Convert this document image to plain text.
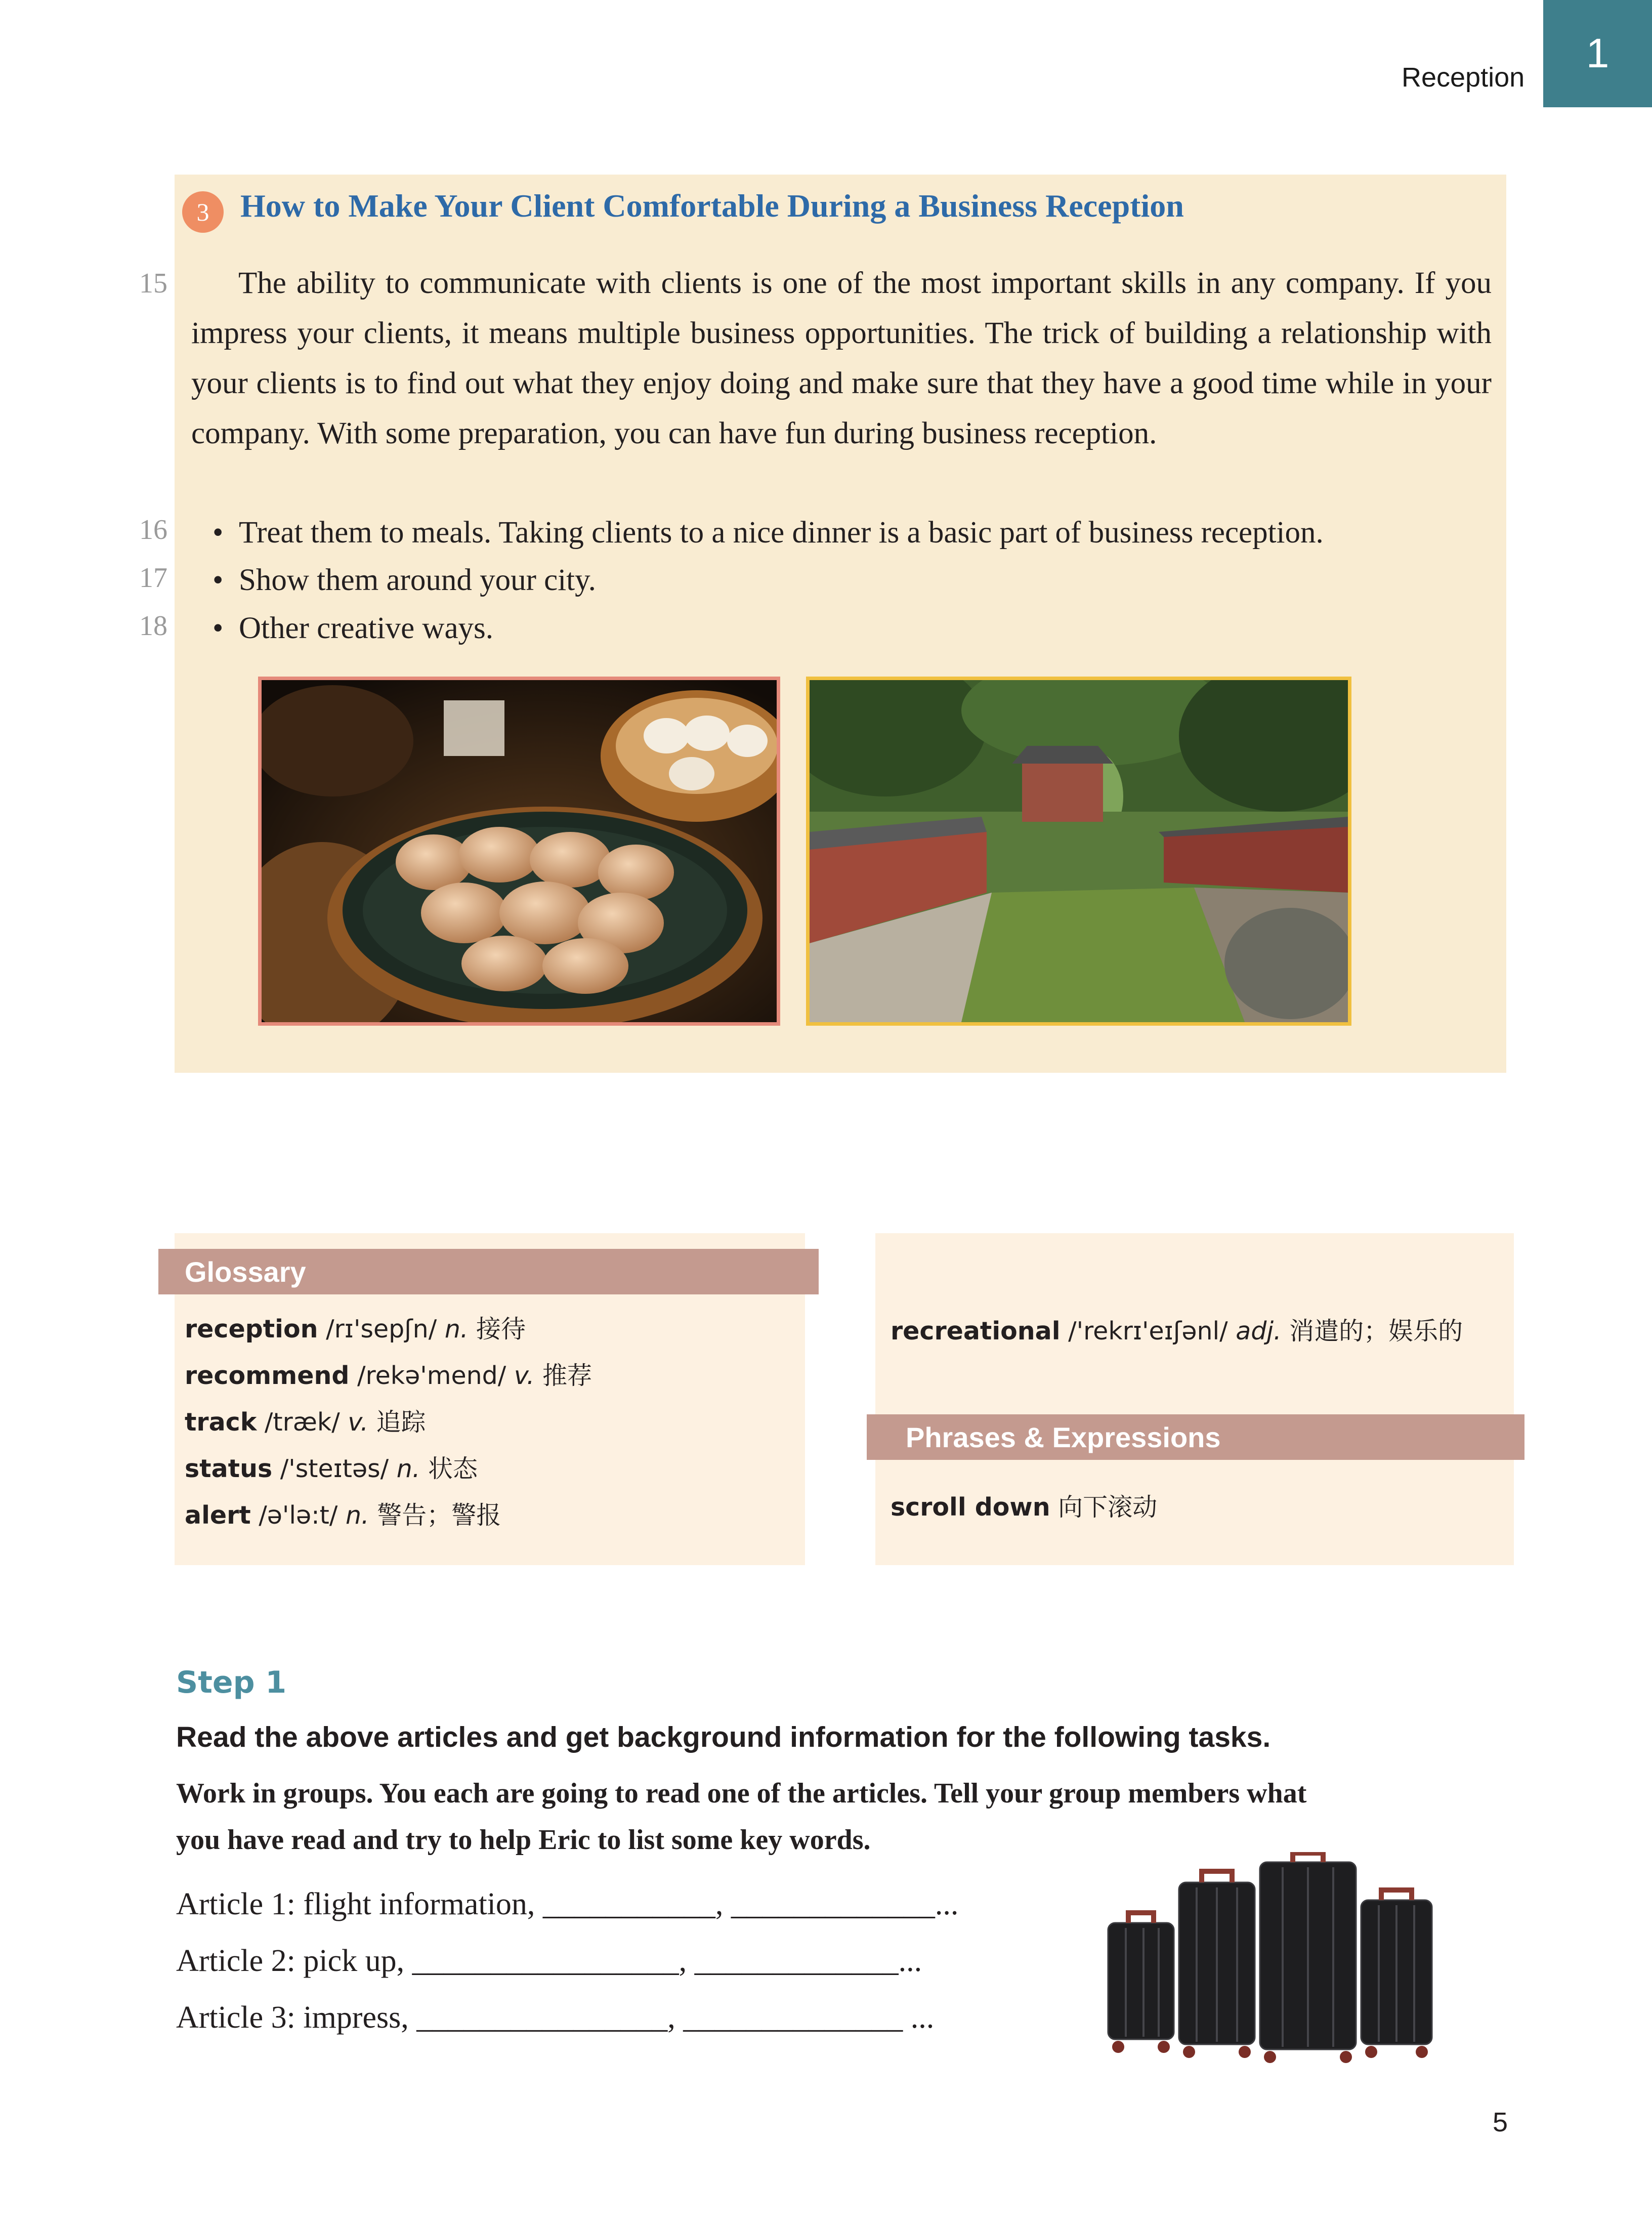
Reception
1
3 How to Make Your Client Comfortable During a Business Reception
15	The ability to communicate with clients is one of the most important skills in any company. If you impress your clients, it means multiple business opportunities. The trick of building a relationship with your clients is to find out what they enjoy doing and make sure that they have a good time while in your company. With some preparation, you can have fun during business reception.

16 • Treat them to meals. Taking clients to a nice dinner is a basic part of business reception.
17 • Show them around your city.
18 • Other creative ways.
Glossary
reception /rɪ'sepʃn/ n. 接待
recommend /rekə'mend/ v. 推荐
track /træk/ v. 追踪
status /'steɪtəs/ n. 状态
alert /ə'lə:t/ n. 警告；警报
recreational /'rekrɪ'eɪʃənl/ adj. 消遣的；娱乐的
Phrases & Expressions
scroll down 向下滚动
Step 1
Read the above articles and get background information for the following tasks.
Work in groups. You each are going to read one of the articles. Tell your group members what you have read and try to help Eric to list some key words.
Article 1: flight information, ___________, _____________...
Article 2: pick up, _________________, _____________...
Article 3: impress, ________________, ______________ ...
5
